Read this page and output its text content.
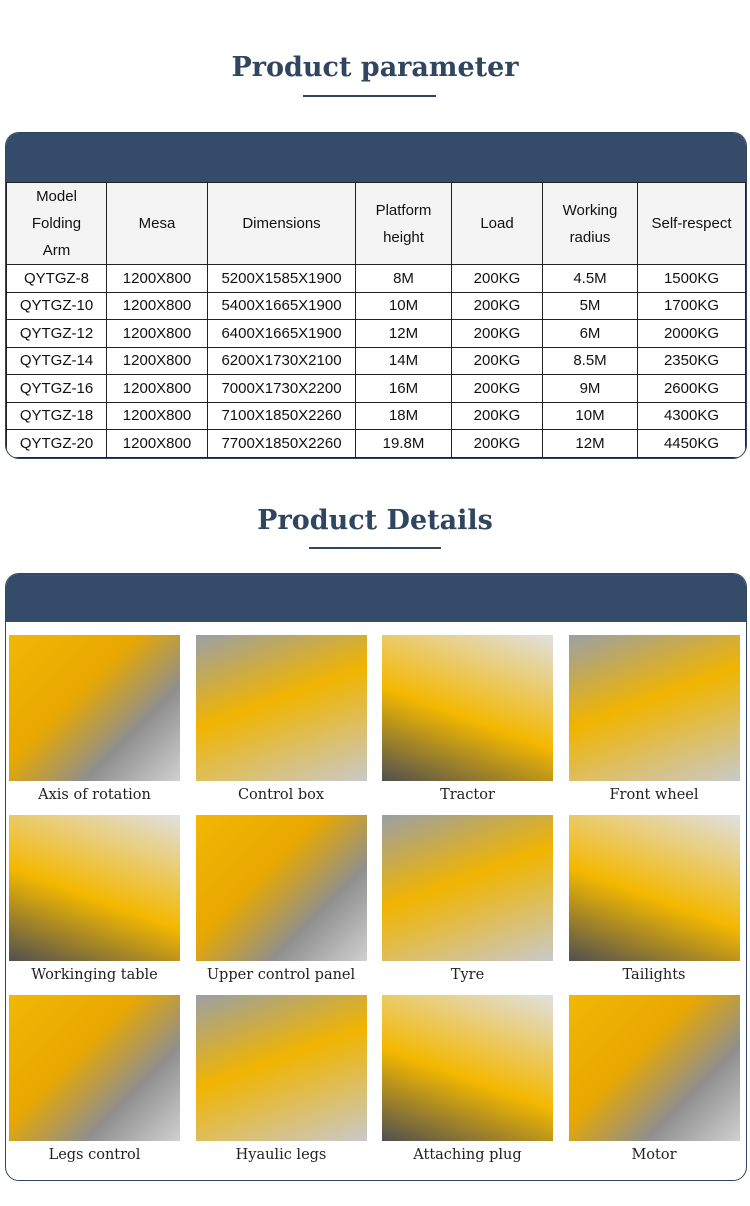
Product parameter
Model Folding Arm	Mesa	Dimensions	Platform height	Load	Working radius	Self-respect
QYTGZ-8	1200X800	5200X1585X1900	8M	200KG	4.5M	1500KG
QYTGZ-10	1200X800	5400X1665X1900	10M	200KG	5M	1700KG
QYTGZ-12	1200X800	6400X1665X1900	12M	200KG	6M	2000KG
QYTGZ-14	1200X800	6200X1730X2100	14M	200KG	8.5M	2350KG
QYTGZ-16	1200X800	7000X1730X2200	16M	200KG	9M	2600KG
QYTGZ-18	1200X800	7100X1850X2260	18M	200KG	10M	4300KG
QYTGZ-20	1200X800	7700X1850X2260	19.8M	200KG	12M	4450KG
Product Details
Axis of rotation	Control box	Tractor	Front wheel
Workinging table	Upper control panel	Tyre	Tailights
Legs control	Hyaulic legs	Attaching plug	Motor
